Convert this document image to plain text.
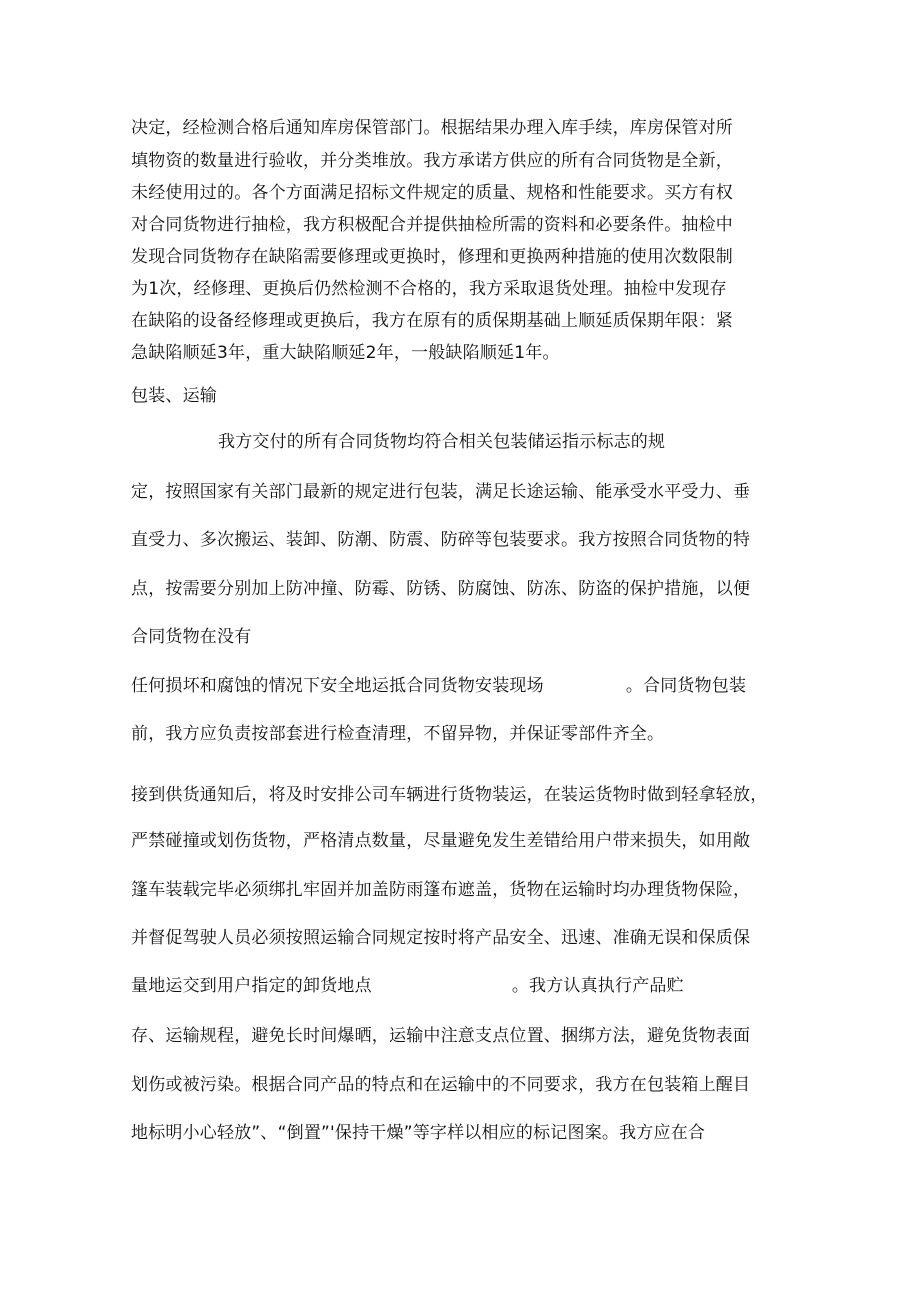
决定，经检测合格后通知库房保管部门。根据结果办理入库手续，库房保管对所
填物资的数量进行验收，并分类堆放。我方承诺方供应的所有合同货物是全新，
未经使用过的。各个方面满足招标文件规定的质量、规格和性能要求。买方有权
对合同货物进行抽检，我方积极配合并提供抽检所需的资料和必要条件。抽检中
发现合同货物存在缺陷需要修理或更换时，修理和更换两种措施的使用次数限制
为1次，经修理、更换后仍然检测不合格的，我方采取退货处理。抽检中发现存
在缺陷的设备经修理或更换后，我方在原有的质保期基础上顺延质保期年限：紧
急缺陷顺延3年，重大缺陷顺延2年，一般缺陷顺延1年。
包装、运输
我方交付的所有合同货物均符合相关包装储运指示标志的规
定，按照国家有关部门最新的规定进行包装，满足长途运输、能承受水平受力、垂
直受力、多次搬运、装卸、防潮、防震、防碎等包装要求。我方按照合同货物的特
点，按需要分别加上防冲撞、防霉、防锈、防腐蚀、防冻、防盗的保护措施，以便
合同货物在没有
任何损坏和腐蚀的情况下安全地运抵合同货物安装现场	。合同货物包装
前，我方应负责按部套进行检查清理，不留异物，并保证零部件齐全。
接到供货通知后，将及时安排公司车辆进行货物装运，在装运货物时做到轻拿轻放，
严禁碰撞或划伤货物，严格清点数量，尽量避免发生差错给用户带来损失，如用敞
篷车装载完毕必须绑扎牢固并加盖防雨篷布遮盖，货物在运输时均办理货物保险，
并督促驾驶人员必须按照运输合同规定按时将产品安全、迅速、准确无误和保质保
量地运交到用户指定的卸货地点	。我方认真执行产品贮
存、运输规程，避免长时间爆晒，运输中注意支点位置、捆绑方法，避免货物表面
划伤或被污染。根据合同产品的特点和在运输中的不同要求，我方在包装箱上醒目
地标明小心轻放”、“倒置”'保持干燥”等字样以相应的标记图案。我方应在合
